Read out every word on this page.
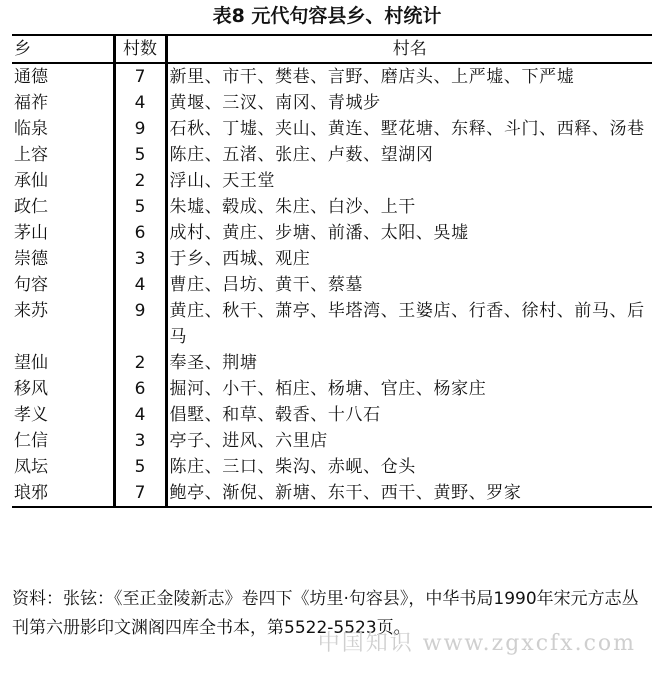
表8 元代句容县乡、村统计
乡	村数	村名
通德	7	新里、市干、樊巷、言野、磨店头、上严墟、下严墟
福祚	4	黄堰、三汊、南冈、青城步
临泉	9	石秋、丁墟、夹山、黄连、墅花塘、东释、斗门、西释、汤巷
上容	5	陈庄、五渚、张庄、卢薮、望湖冈
承仙	2	浮山、天王堂
政仁	5	朱墟、毂成、朱庄、白沙、上干
茅山	6	成村、黄庄、步塘、前潘、太阳、吳墟
崇德	3	于乡、西城、观庄
句容	4	曹庄、吕坊、黄干、蔡墓
来苏	9	黄庄、秋干、萧亭、毕塔湾、王婆店、行香、徐村、前马、后马
望仙	2	奉圣、荆塘
移风	6	掘河、小干、栢庄、杨塘、官庄、杨家庄
孝义	4	倡墅、和草、毂香、十八石
仁信	3	亭子、进风、六里店
凤坛	5	陈庄、三口、柴沟、赤岘、仓头
琅邪	7	鲍亭、渐倪、新塘、东干、西干、黄野、罗家
资料：张铉：《至正金陵新志》卷四下《坊里·句容县》，中华书局1990年宋元方志丛刊第六册影印文渊阁四库全书本，第5522-5523页。
中国知识 www.zgxcfx.com
